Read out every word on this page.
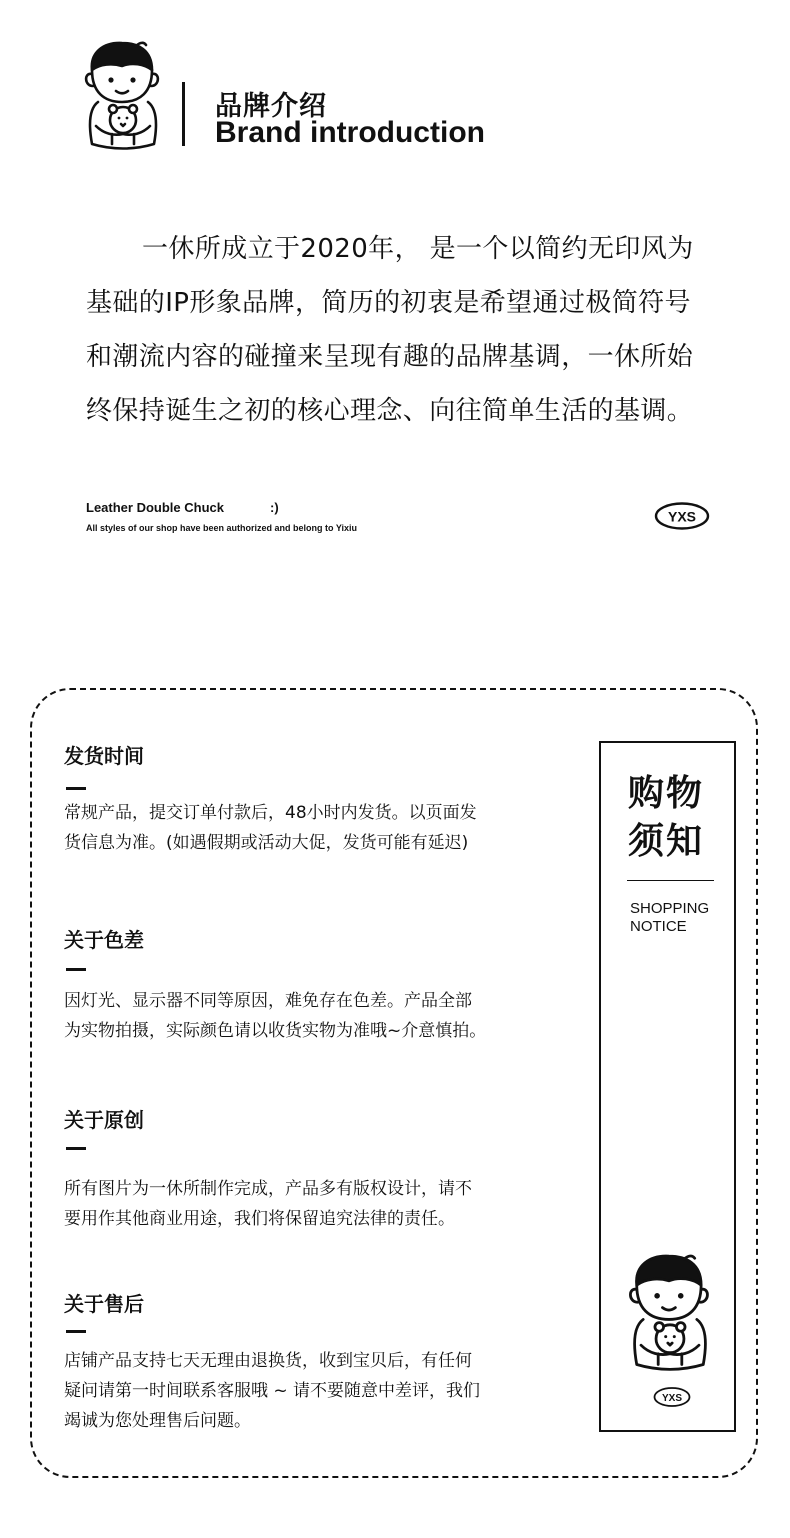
品牌介绍
Brand introduction
一休所成立于2020年， 是一个以简约无印风为
基础的IP形象品牌，简历的初衷是希望通过极简符号
和潮流内容的碰撞来呈现有趣的品牌基调，一休所始
终保持诞生之初的核心理念、向往简单生活的基调。
Leather Double Chuck	:)
All styles of our shop have been authorized and belong to Yixiu
YXS
发货时间
常规产品，提交订单付款后，48小时内发货。以页面发
货信息为准。(如遇假期或活动大促，发货可能有延迟)
关于色差
因灯光、显示器不同等原因，难免存在色差。产品全部
为实物拍摄，实际颜色请以收货实物为准哦~介意慎拍。
关于原创
所有图片为一休所制作完成，产品多有版权设计，请不
要用作其他商业用途，我们将保留追究法律的责任。
关于售后
店铺产品支持七天无理由退换货，收到宝贝后，有任何
疑问请第一时间联系客服哦 ~ 请不要随意中差评，我们
竭诚为您处理售后问题。
购物
须知
SHOPPING
NOTICE
YXS
